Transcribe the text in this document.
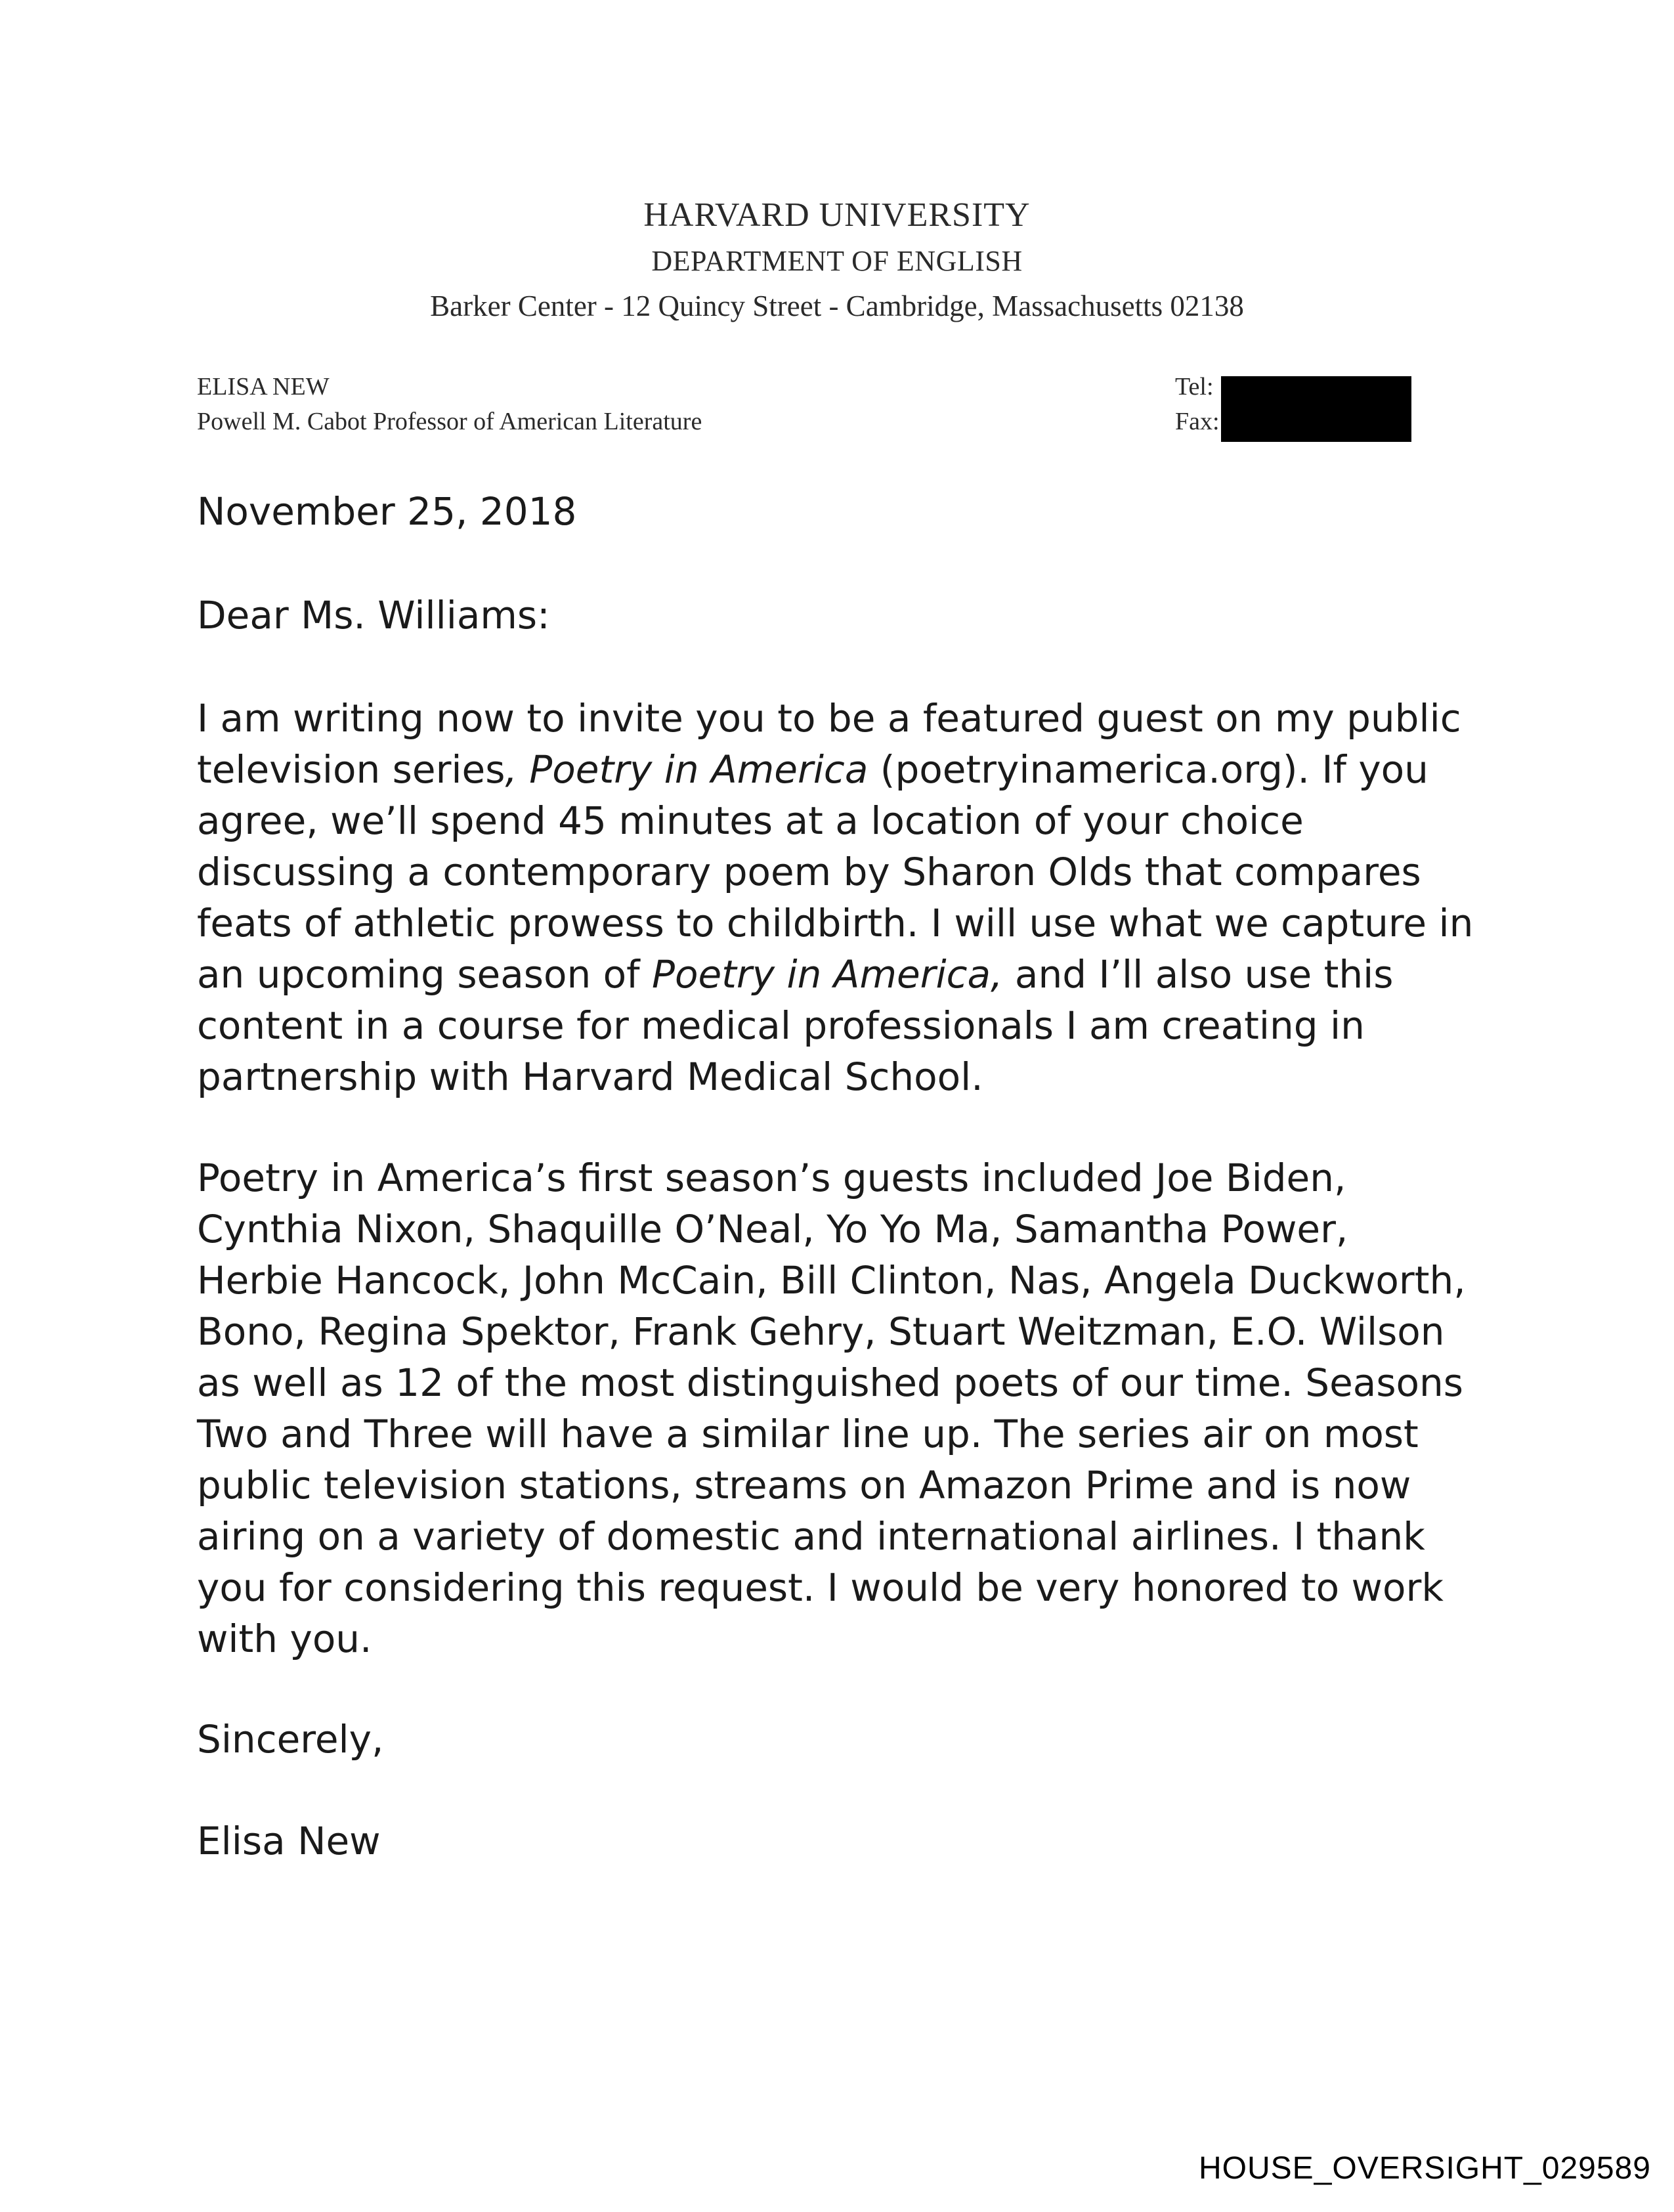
HARVARD UNIVERSITY
DEPARTMENT OF ENGLISH
Barker Center - 12 Quincy Street - Cambridge, Massachusetts 02138
ELISA NEW
Powell M. Cabot Professor of American Literature
Tel:
Fax:

November 25, 2018

Dear Ms. Williams:

I am writing now to invite you to be a featured guest on my public
television series, Poetry in America (poetryinamerica.org). If you
agree, we’ll spend 45 minutes at a location of your choice
discussing a contemporary poem by Sharon Olds that compares
feats of athletic prowess to childbirth. I will use what we capture in
an upcoming season of Poetry in America, and I’ll also use this
content in a course for medical professionals I am creating in
partnership with Harvard Medical School.

Poetry in America’s first season’s guests included Joe Biden,
Cynthia Nixon, Shaquille O’Neal, Yo Yo Ma, Samantha Power,
Herbie Hancock, John McCain, Bill Clinton, Nas, Angela Duckworth,
Bono, Regina Spektor, Frank Gehry, Stuart Weitzman, E.O. Wilson
as well as 12 of the most distinguished poets of our time. Seasons
Two and Three will have a similar line up. The series air on most
public television stations, streams on Amazon Prime and is now
airing on a variety of domestic and international airlines. I thank
you for considering this request. I would be very honored to work
with you.

Sincerely,

Elisa New

HOUSE_OVERSIGHT_029589
